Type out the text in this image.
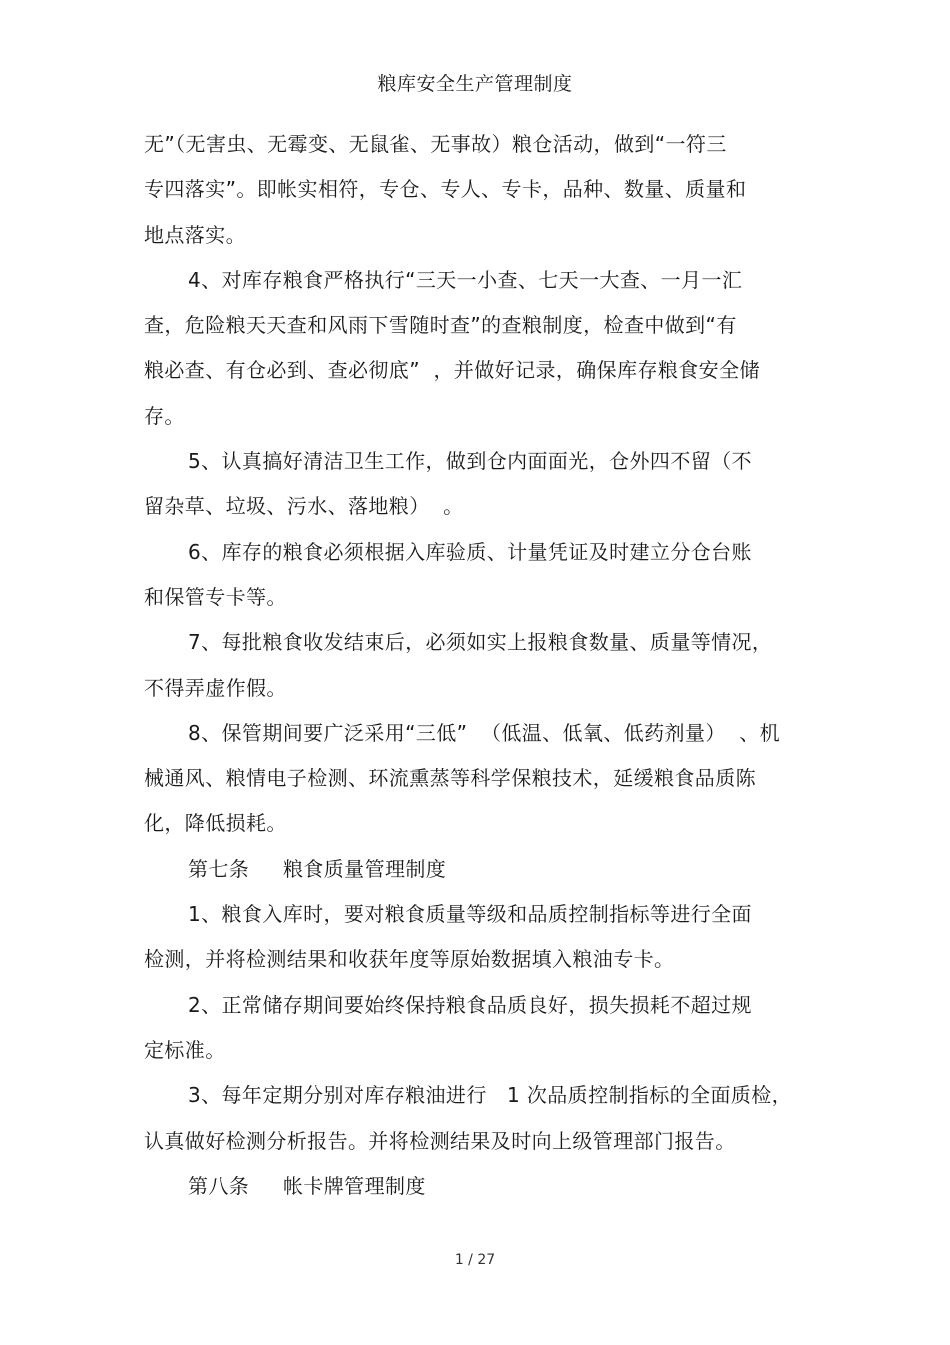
粮库安全生产管理制度
无”（无害虫、无霉变、无鼠雀、无事故）粮仓活动，做到“一符三
专四落实”。即帐实相符，专仓、专人、专卡，品种、数量、质量和
地点落实。
4、对库存粮食严格执行“三天一小查、七天一大查、一月一汇
查，危险粮天天查和风雨下雪随时查”的查粮制度，检查中做到“有
粮必查、有仓必到、查必彻底”  ，并做好记录，确保库存粮食安全储
存。
5、认真搞好清洁卫生工作，做到仓内面面光，仓外四不留（不
留杂草、垃圾、污水、落地粮）  。
6、库存的粮食必须根据入库验质、计量凭证及时建立分仓台账
和保管专卡等。
7、每批粮食收发结束后，必须如实上报粮食数量、质量等情况，
不得弄虚作假。
8、保管期间要广泛采用“三低”  （低温、低氧、低药剂量）  、机
械通风、粮情电子检测、环流熏蒸等科学保粮技术，延缓粮食品质陈
化，降低损耗。
第七条     粮食质量管理制度
1、粮食入库时，要对粮食质量等级和品质控制指标等进行全面
检测，并将检测结果和收获年度等原始数据填入粮油专卡。
2、正常储存期间要始终保持粮食品质良好，损失损耗不超过规
定标准。
3、每年定期分别对库存粮油进行   1 次品质控制指标的全面质检，
认真做好检测分析报告。并将检测结果及时向上级管理部门报告。
第八条     帐卡牌管理制度
1 / 27
